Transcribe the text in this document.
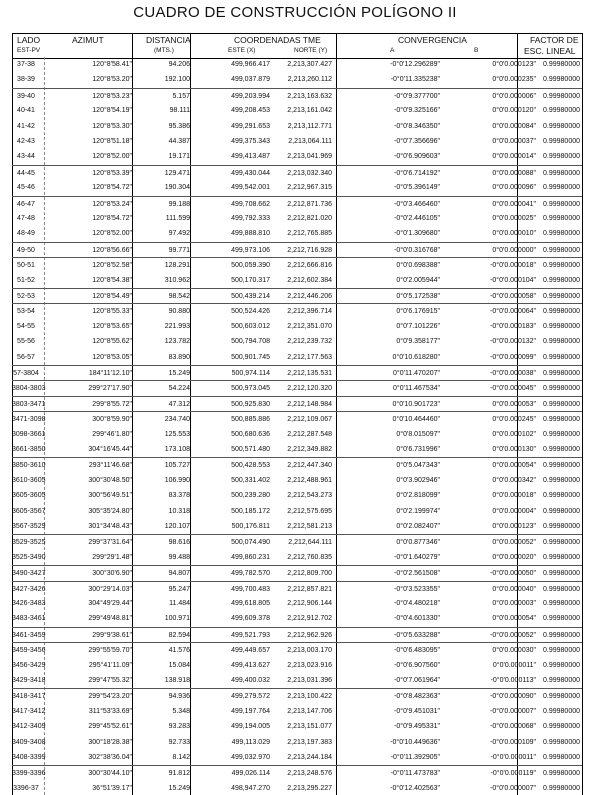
CUADRO DE CONSTRUCCIÓN POLÍGONO II
LADO
EST-PV
AZIMUT	DISTANCIA
(MTS.)
COORDENADAS TME
ESTE (X)	NORTE (Y)
CONVERGENCIA
A	B
FACTOR DE
ESC. LINEAL
37-38	120°8'58.41"	94.206	499,966.417	2,213,307.427	-0°0'12.296289"	0°0'0.000123"	0.99980000
38-39	120°8'53.20"	192.100	499,037.879	2,213,260.112	-0°0'11.335238"	0°0'0.000235"	0.99980000
39-40	120°8'53.23"	5.157	499,203.994	2,213,163.632	-0°0'9.377700"	0°0'0.000006"	0.99980000
40-41	120°8'54.19"	98.111	499,208.453	2,213,161.042	-0°0'9.325166"	0°0'0.000120"	0.99980000
41-42	120°8'53.30"	95.386	499,291.653	2,213,112.771	-0°0'8.346350"	0°0'0.000084"	0.99980000
42-43	120°8'51.18"	44.387	499,375.343	2,213,064.111	-0°0'7.356696"	0°0'0.000037"	0.99980000
43-44	120°8'52.00"	19.171	499,413.487	2,213,041.969	-0°0'6.909603"	0°0'0.000014"	0.99980000
44-45	120°8'53.39"	129.471	499,430.044	2,213,032.340	-0°0'6.714192"	0°0'0.000088"	0.99980000
45-46	120°8'54.72"	190.304	499,542.001	2,212,967.315	-0°0'5.396149"	0°0'0.000096"	0.99980000
46-47	120°8'53.24"	99.188	499,708.662	2,212,871.736	-0°0'3.466460"	0°0'0.000041"	0.99980000
47-48	120°8'54.72"	111.599	499,792.333	2,212,821.020	-0°0'2.446105"	0°0'0.000025"	0.99980000
48-49	120°8'52.00"	97.492	499,888.810	2,212,765.885	-0°0'1.309680"	0°0'0.000010"	0.99980000
49-50	120°8'56.66"	99.771	499,973.106	2,212,716.928	-0°0'0.316768"	0°0'0.000000"	0.99980000
50-51	120°8'52.58"	128.291	500,059.390	2,212,666.816	0°0'0.698388"	-0°0'0.000018"	0.99980000
51-52	120°8'54.38"	310.962	500,170.317	2,212,602.384	0°0'2.005944"	-0°0'0.000104"	0.99980000
52-53	120°8'54.49"	98.542	500,439.214	2,212,446.206	0°0'5.172538"	-0°0'0.000058"	0.99980000
53-54	120°8'55.33"	90.880	500,524.426	2,212,396.714	0°0'6.176915"	-0°0'0.000064"	0.99980000
54-55	120°8'53.65"	221.993	500,603.012	2,212,351.070	0°0'7.101226"	-0°0'0.000183"	0.99980000
55-56	120°8'55.62"	123.782	500,794.708	2,212,239.732	0°0'9.358177"	-0°0'0.000132"	0.99980000
56-57	120°8'53.05"	83.890	500,901.745	2,212,177.563	0°0'10.618280"	-0°0'0.000099"	0.99980000
57-3804	184°11'12.10"	15.249	500,974.114	2,212,135.531	0°0'11.470207"	-0°0'0.000038"	0.99980000
3804-3803	299°27'17.90"	54.224	500,973.045	2,212,120.320	0°0'11.467534"	-0°0'0.000045"	0.99980000
3803-3471	299°8'55.72"	47.312	500,925.830	2,212,148.984	0°0'10.901723"	0°0'0.000053"	0.99980000
3471-3098	300°8'59.90"	234.740	500,885.886	2,212,109.067	0°0'10.464460"	0°0'0.000245"	0.99980000
3098-3661	299°46'1.80"	125.553	500,680.636	2,212,287.548	0°0'8.015097"	0°0'0.000102"	0.99980000
3661-3850	304°16'45.44"	173.108	500,571.480	2,212,349.882	0°0'6.731996"	0°0'0.000130"	0.99980000
3850-3610	293°11'46.68"	105.727	500,428.553	2,212,447.340	0°0'5.047343"	0°0'0.000054"	0.99980000
3610-3605	300°30'48.50"	106.990	500,331.402	2,212,488.961	0°0'3.902946"	0°0'0.000342"	0.99980000
3605-3605	300°56'49.51"	83.378	500,239.280	2,212,543.273	0°0'2.818099"	0°0'0.000018"	0.99980000
3605-3567	305°35'24.80"	10.318	500,185.172	2,212,575.695	0°0'2.199974"	0°0'0.000004"	0.99980000
3567-3529	301°34'48.43"	120.107	500,176.811	2,212,581.213	0°0'2.082407"	0°0'0.000123"	0.99980000
3529-3525	299°37'31.64"	98.616	500,074.490	2,212,644.111	0°0'0.877346"	0°0'0.000052"	0.99980000
3525-3490	299°29'1.48"	99.488	499,860.231	2,212,760.835	-0°0'1.640279"	0°0'0.000020"	0.99980000
3490-3427	300°30'6.90"	94.807	499,782.570	2,212,809.700	-0°0'2.561508"	-0°0'0.000050"	0.99980000
3427-3426	300°29'14.03"	95.247	499,700.483	2,212,857.821	-0°0'3.523355"	0°0'0.000040"	0.99980000
3426-3483	304°49'29.44"	11.484	499,618.805	2,212,906.144	-0°0'4.480218"	0°0'0.000003"	0.99980000
3483-3461	299°49'48.81"	100.971	499,609.378	2,212,912.702	-0°0'4.601330"	0°0'0.000054"	0.99980000
3461-3459	299°9'38.61"	82.594	499,521.793	2,212,962.926	-0°0'5.633288"	-0°0'0.000052"	0.99980000
3459-3456	299°55'59.70"	41.576	499,449.657	2,213,003.170	-0°0'6.483095"	0°0'0.000030"	0.99980000
3456-3429	295°41'11.09"	15.084	499,413.627	2,213,023.916	-0°0'6.907560"	0°0'0.000011"	0.99980000
3429-3418	299°47'55.32"	138.918	499,400.032	2,213,031.396	-0°0'7.061964"	-0°0'0.000113"	0.99980000
3418-3417	299°54'23.20"	94.936	499,279.572	2,213,100.422	-0°0'8.482363"	-0°0'0.000090"	0.99980000
3417-3412	311°53'33.69"	5.348	499,197.764	2,213,147.706	-0°0'9.451031"	-0°0'0.000007"	0.99980000
3412-3409	299°45'52.61"	93.283	499,194.005	2,213,151.077	-0°0'9.495331"	-0°0'0.000068"	0.99980000
3409-3408	300°18'28.38"	92.733	499,113.029	2,213,197.383	-0°0'10.449636"	-0°0'0.000109"	0.99980000
3408-3399	302°38'36.04"	8.142	499,032.970	2,213,244.184	-0°0'11.392905"	-0°0'0.000011"	0.99980000
3399-3396	300°30'44.10"	91.812	499,026.114	2,213,248.576	-0°0'11.473783"	-0°0'0.000119"	0.99980000
3396-37	36°51'39.17"	15.249	498,947.270	2,213,295.227	-0°0'12.402563"	-0°0'0.000007"	0.99980000
